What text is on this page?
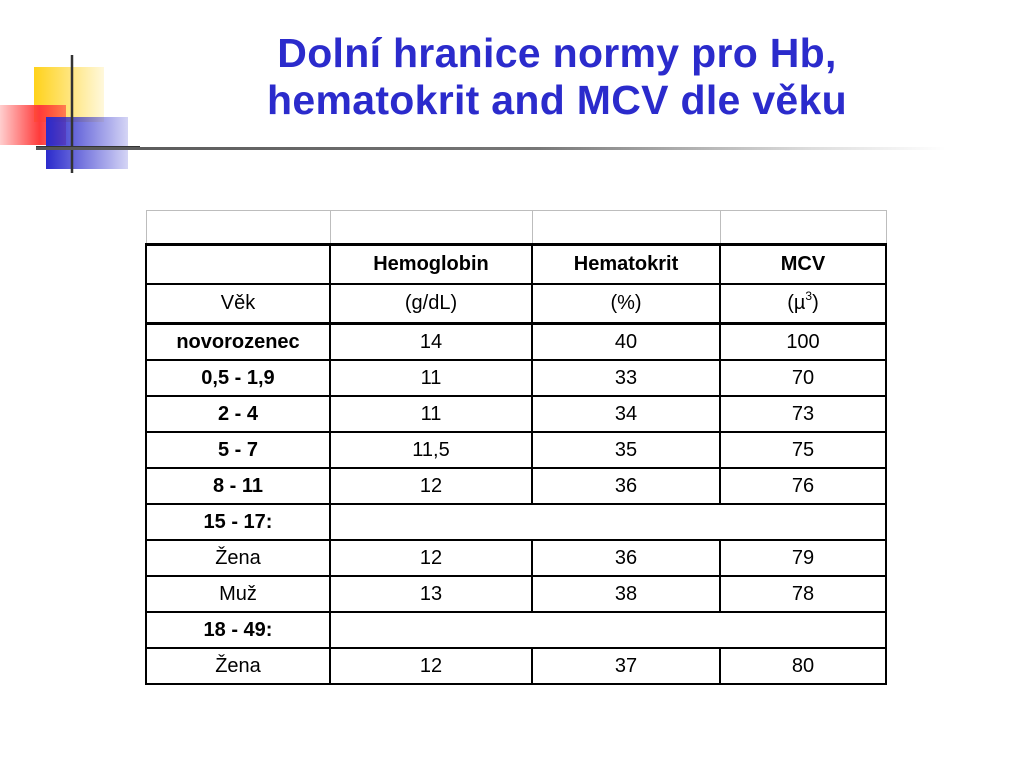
Dolní hranice normy pro Hb,
hematokrit and MCV dle věku

	Hemoglobin	Hematokrit	MCV
Věk	(g/dL)	(%)	(µ$^3$)
novorozenec	14	40	100
0,5 - 1,9	11	33	70
2 - 4	11	34	73
5 - 7	11,5	35	75
8 - 11	12	36	76
15 - 17:			
Žena	12	36	79
Muž	13	38	78
18 - 49:			
Žena	12	37	80
